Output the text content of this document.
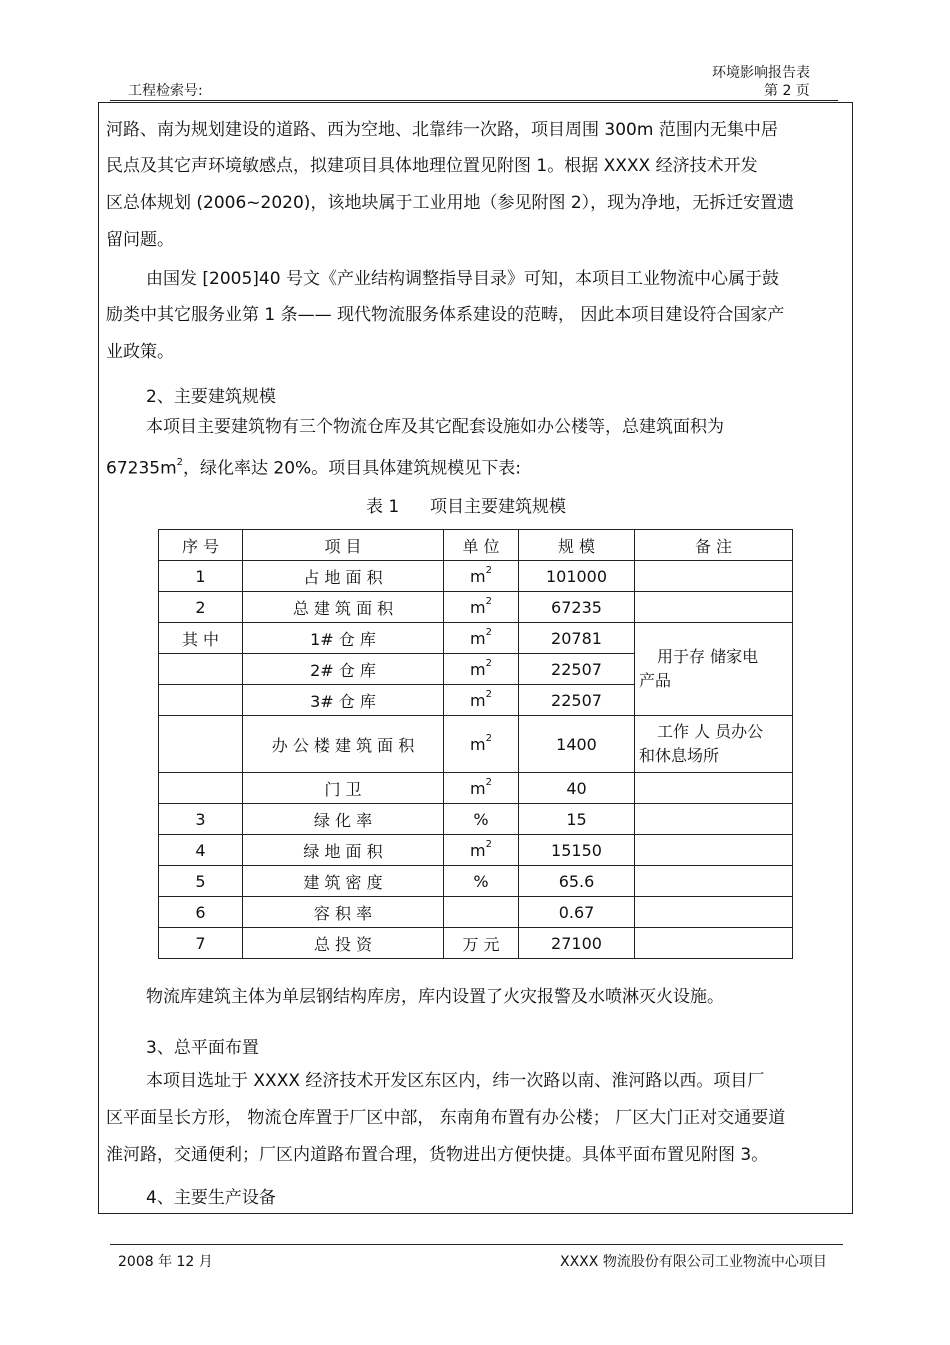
环境影响报告表
工程检索号:	第 2 页
河路、南为规划建设的道路、西为空地、北靠纬一次路，项目周围 300m 范围内无集中居
民点及其它声环境敏感点，拟建项目具体地理位置见附图 1。根据 XXXX 经济技术开发
区总体规划 (2006~2020)，该地块属于工业用地（参见附图 2），现为净地，无拆迁安置遗
留问题。
由国发 [2005]40 号文《产业结构调整指导目录》可知，本项目工业物流中心属于鼓
励类中其它服务业第 1 条—— 现代物流服务体系建设的范畴， 因此本项目建设符合国家产
业政策。
2、主要建筑规模
本项目主要建筑物有三个物流仓库及其它配套设施如办公楼等，总建筑面积为
$67235m^2$，绿化率达 20%。项目具体建筑规模见下表:
表 1 项目主要建筑规模
序 号	项 目	单 位	规 模	备 注
1	占 地 面 积	$m^2$	101000	
2	总 建 筑 面 积	$m^2$	67235	
其 中	1# 仓 库	$m^2$	20781	用于存 储家电
产品
	2# 仓 库	$m^2$	22507	
	3# 仓 库	$m^2$	22507	
	办 公 楼 建 筑 面 积	$m^2$	1400	工作 人 员办公
和休息场所
	门 卫	$m^2$	40	
3	绿 化 率	%	15	
4	绿 地 面 积	$m^2$	15150	
5	建 筑 密 度	%	65.6	
6	容 积 率		0.67	
7	总 投 资	万 元	27100	
物流库建筑主体为单层钢结构库房，库内设置了火灾报警及水喷淋灭火设施。
3、总平面布置
本项目选址于 XXXX 经济技术开发区东区内，纬一次路以南、淮河路以西。项目厂
区平面呈长方形， 物流仓库置于厂区中部， 东南角布置有办公楼； 厂区大门正对交通要道
淮河路，交通便利；厂区内道路布置合理，货物进出方便快捷。具体平面布置见附图 3。
4、主要生产设备
2008 年 12 月	XXXX 物流股份有限公司工业物流中心项目
